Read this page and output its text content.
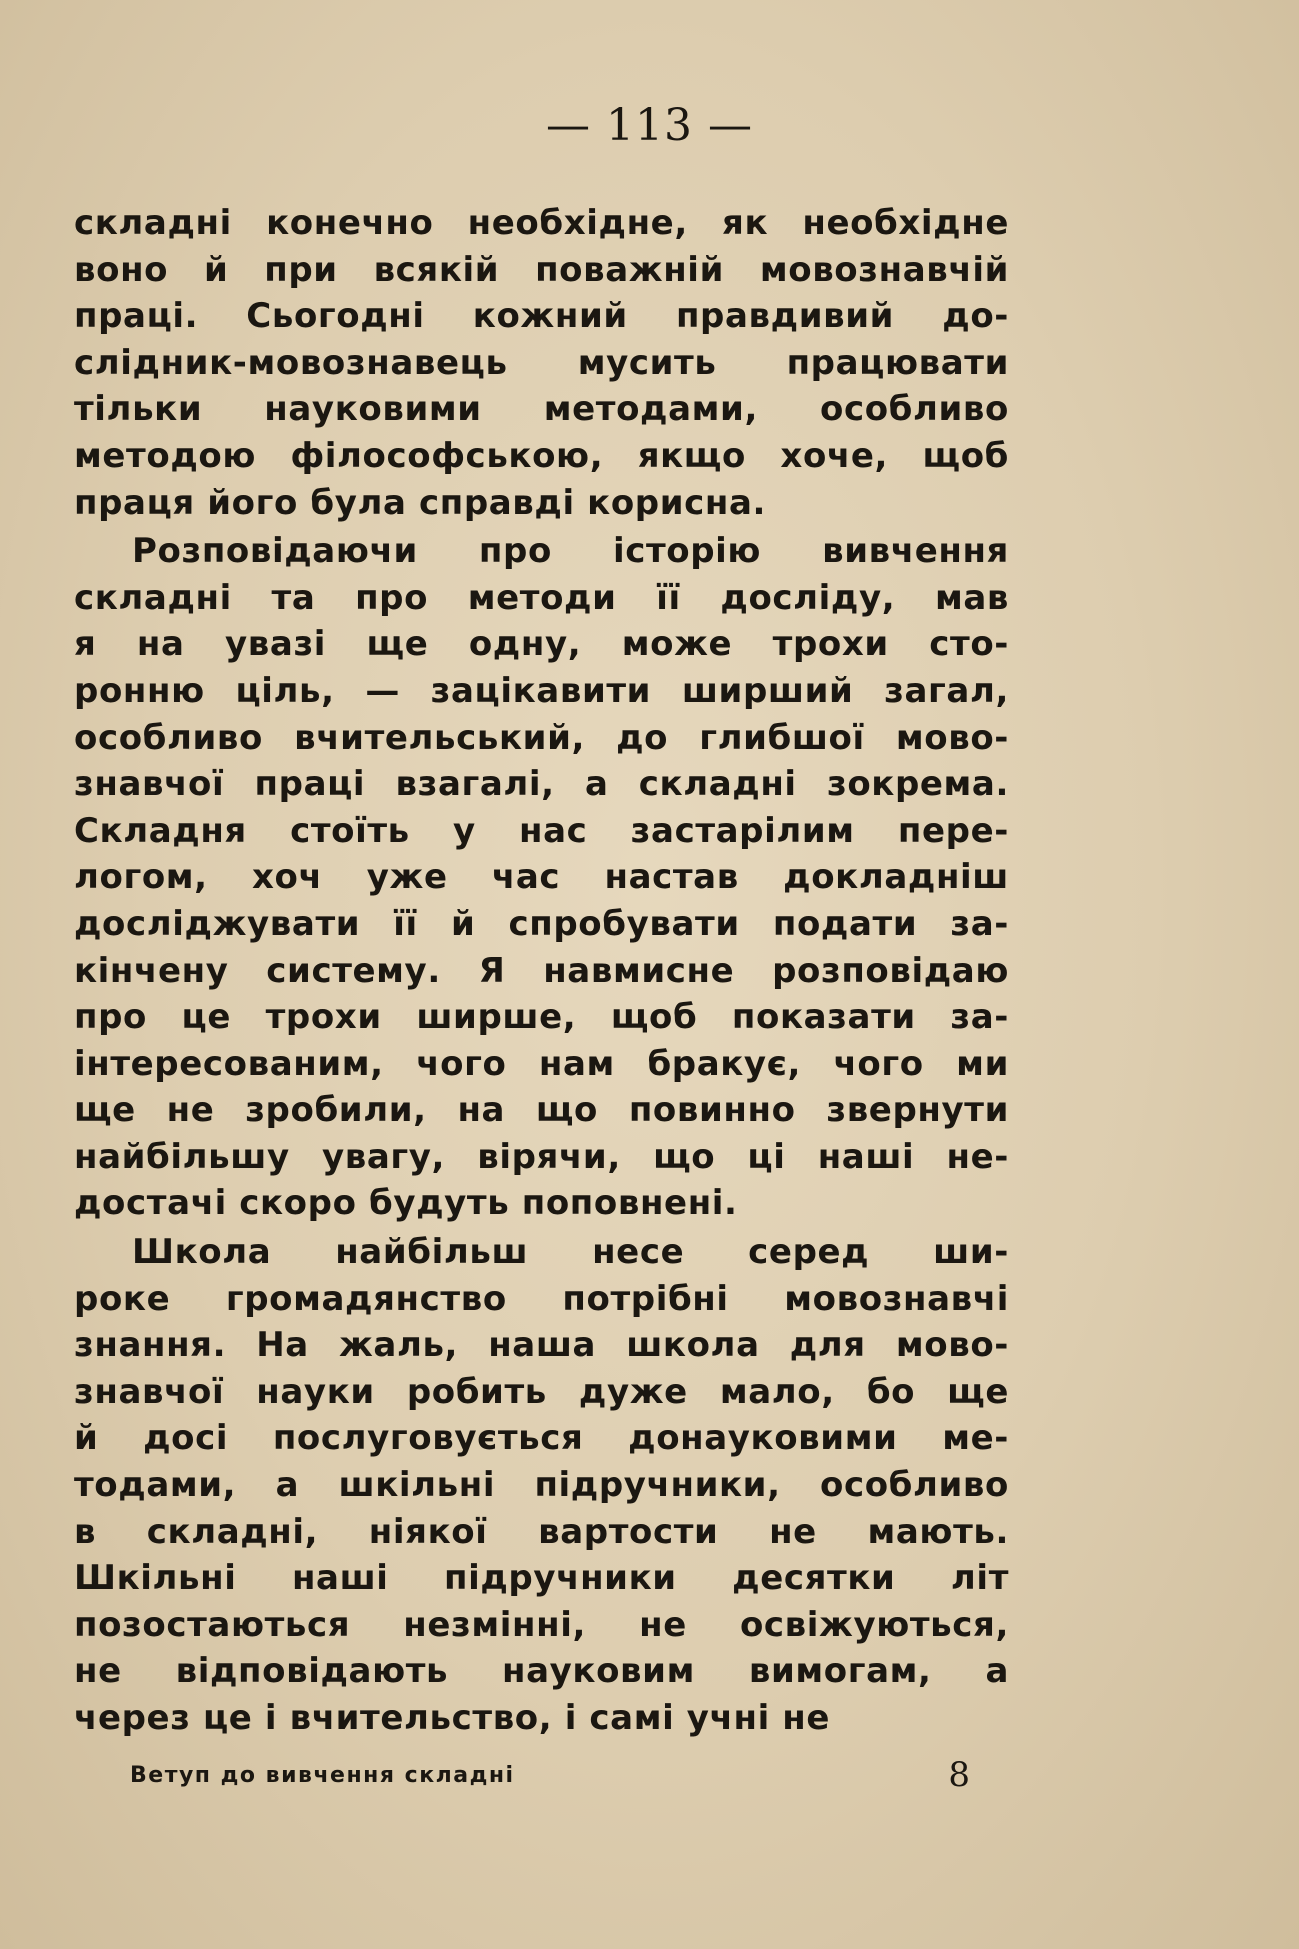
— 113 —
складні конечно необхідне, як необхідне
воно й при всякій поважній мовознавчій
праці. Сьогодні кожний правдивий до-
слідник-мовознавець мусить працювати
тільки науковими методами, особливо
методою філософською, якщо хоче, щоб
праця його була справді корисна.
Розповідаючи про історію вивчення
складні та про методи її досліду, мав
я на увазі ще одну, може трохи сто-
ронню ціль, — зацікавити ширший загал,
особливо вчительський, до глибшої мово-
знавчої праці взагалі, а складні зокрема.
Складня стоїть у нас застарілим пере-
логом, хоч уже час настав докладніш
досліджувати її й спробувати подати за-
кінчену систему. Я навмисне розповідаю
про це трохи ширше, щоб показати за-
інтересованим, чого нам бракує, чого ми
ще не зробили, на що повинно звернути
найбільшу увагу, вірячи, що ці наші не-
достачі скоро будуть поповнені.
Школа найбільш несе серед ши-
роке громадянство потрібні мовознавчі
знання. На жаль, наша школа для мово-
знавчої науки робить дуже мало, бо ще
й досі послуговується донауковими ме-
тодами, а шкільні підручники, особливо
в складні, ніякої вартости не мають.
Шкільні наші підручники десятки літ
позостаються незмінні, не освіжуються,
не відповідають науковим вимогам, а
через це і вчительство, і самі учні не
Ветуп до вивчення складні	8
